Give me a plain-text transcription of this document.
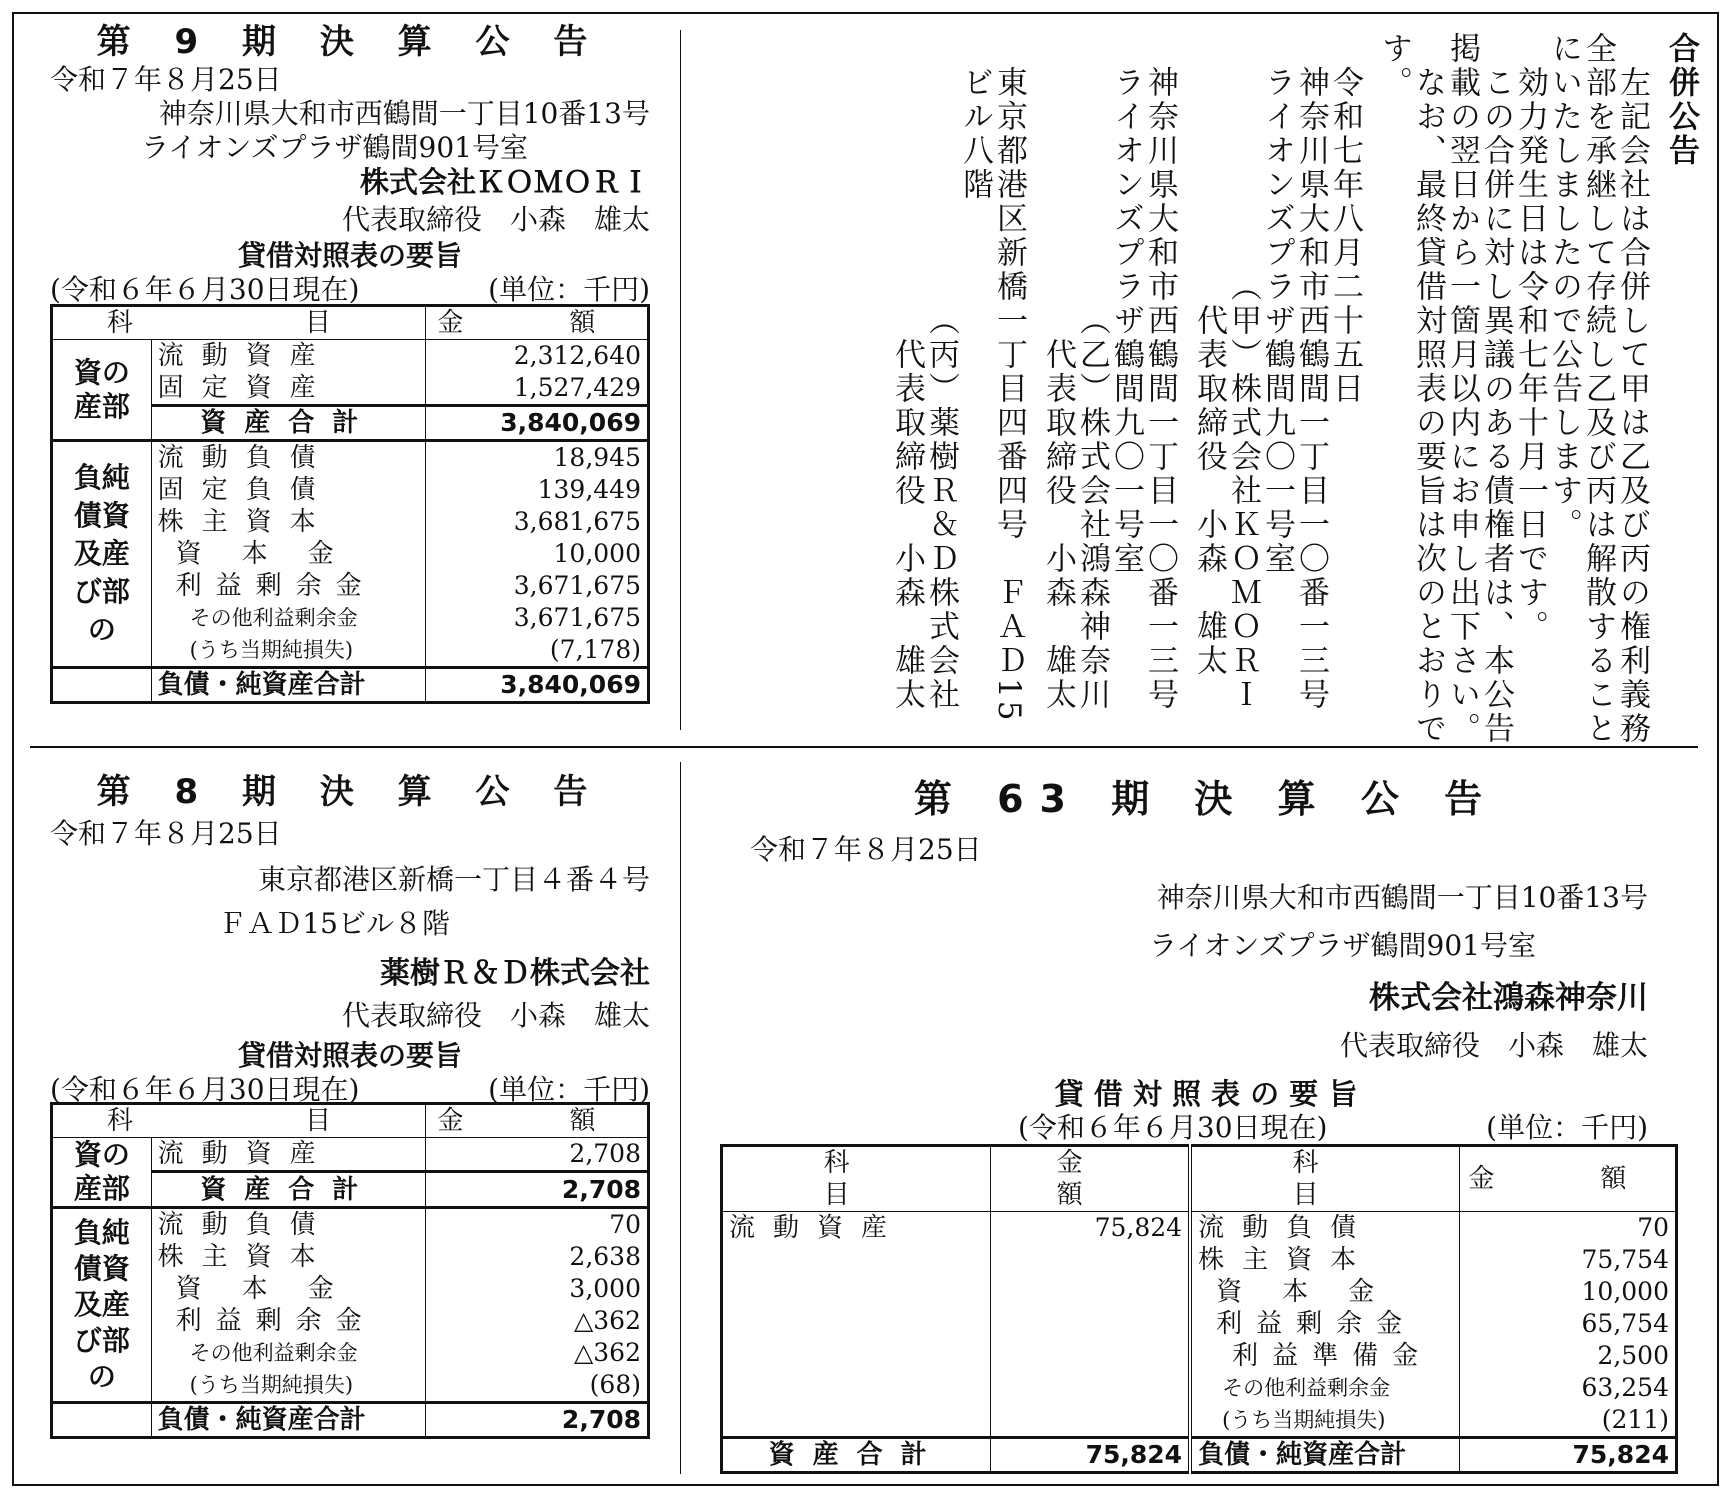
第 9 期 決 算 公 告
令和７年８月25日
神奈川県大和市西鶴間一丁目10番13号
ライオンズプラザ鶴間901号室
株式会社ＫＯＭＯＲＩ
代表取締役　小森　雄太
貸借対照表の要旨
(令和６年６月30日現在)	(単位：千円)
科　　目		金　額

資の産部	流動資産	2,312,640
	固定資産	1,527,429
	資産合計	3,840,069

負純債資及産び部の	流動負債	18,945
	固定負債	139,449
	株主資本	3,681,675
	資本金	10,000
	利益剰余金	3,671,675
	その他利益剰余金	3,671,675
	(うち当期純損失)	(7,178)
	負債・純資産合計	3,840,069
合併公告
左記会社は合併して甲は乙及び丙の権利義務
全部を承継して存続し乙及び丙は解散すること
にいたしましたので公告します。
効力発生日は令和七年十月一日です。
この合併に対し異議のある債権者は、本公告
掲載の翌日から一箇月以内にお申し出下さい。
なお、最終貸借対照表の要旨は次のとおりで
す。
令和七年八月二十五日
神奈川県大和市西鶴間一丁目一〇番一三号
ライオンズプラザ鶴間九〇一号室
（甲）株式会社ＫＯＭＯＲＩ
代表取締役　小森　雄太
神奈川県大和市西鶴間一丁目一〇番一三号
ライオンズプラザ鶴間九〇一号室
（乙）株式会社鴻森神奈川
代表取締役　小森　雄太
東京都港区新橋一丁目四番四号　ＦＡＤ15
ビル八階
（丙）薬樹Ｒ＆Ｄ株式会社
代表取締役　小森　雄太
第 8 期 決 算 公 告
令和７年８月25日
東京都港区新橋一丁目４番４号
ＦＡＤ15ビル８階
薬樹Ｒ＆Ｄ株式会社
代表取締役　小森　雄太
貸借対照表の要旨
(令和６年６月30日現在)	(単位：千円)
科　　目		金　額

資の産部	流動資産	2,708
	資産合計	2,708

負純債資及産び部の	流動負債	70
	株主資本	2,638
	資本金	3,000
	利益剰余金	△362
	その他利益剰余金	△362
	(うち当期純損失)	(68)
	負債・純資産合計	2,708
第 63 期 決 算 公 告
令和７年８月25日
神奈川県大和市西鶴間一丁目10番13号
ライオンズプラザ鶴間901号室
株式会社鴻森神奈川
代表取締役　小森　雄太
貸 借 対 照 表 の 要 旨
(令和６年６月30日現在)	(単位：千円)
科　　目	金　額	科　　目	金　額
流動資産	75,824	流動負債	70
		株主資本	75,754
		資本金	10,000
		利益剰余金	65,754
		利益準備金	2,500
		その他利益剰余金	63,254
		(うち当期純損失)	(211)
資産合計	75,824	負債・純資産合計	75,824
